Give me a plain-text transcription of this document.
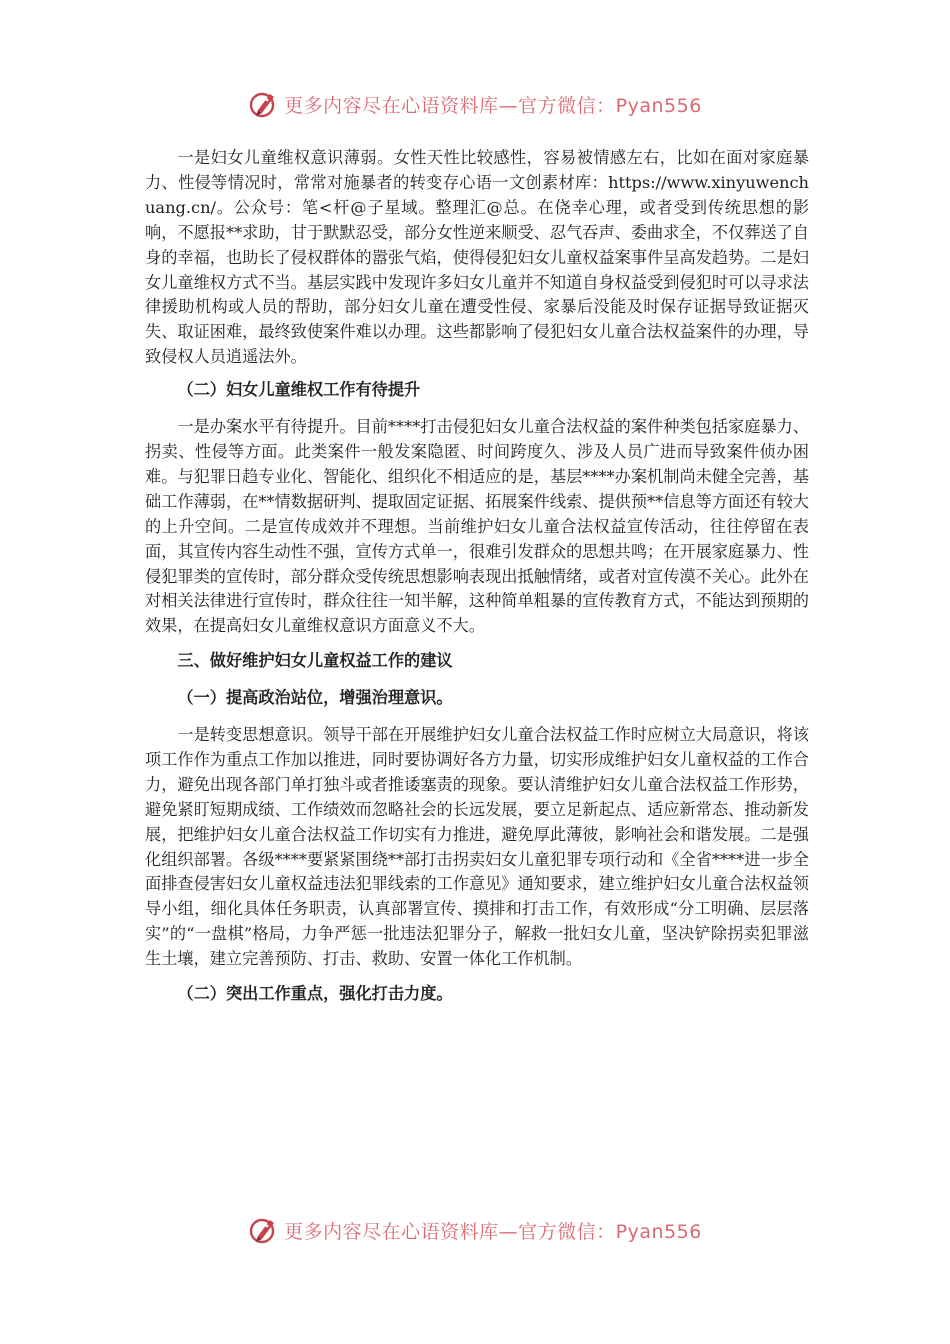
更多内容尽在心语资料库—官方微信：Pyan556

一是妇女儿童维权意识薄弱。女性天性比较感性，容易被情感左右，比如在面对家庭暴力、性侵等情况时，常常对施暴者的转变存心语一文创素材库：https://www.xinyuwenchuang.cn/。公众号：笔<杆@子星域。整理汇@总。在侥幸心理，或者受到传统思想的影响，不愿报**求助，甘于默默忍受，部分女性逆来顺受、忍气吞声、委曲求全，不仅葬送了自身的幸福，也助长了侵权群体的嚣张气焰，使得侵犯妇女儿童权益案事件呈高发趋势。二是妇女儿童维权方式不当。基层实践中发现许多妇女儿童并不知道自身权益受到侵犯时可以寻求法律援助机构或人员的帮助，部分妇女儿童在遭受性侵、家暴后没能及时保存证据导致证据灭失、取证困难，最终致使案件难以办理。这些都影响了侵犯妇女儿童合法权益案件的办理，导致侵权人员逍遥法外。

（二）妇女儿童维权工作有待提升

一是办案水平有待提升。目前****打击侵犯妇女儿童合法权益的案件种类包括家庭暴力、拐卖、性侵等方面。此类案件一般发案隐匿、时间跨度久、涉及人员广进而导致案件侦办困难。与犯罪日趋专业化、智能化、组织化不相适应的是，基层****办案机制尚未健全完善，基础工作薄弱，在**情数据研判、提取固定证据、拓展案件线索、提供预**信息等方面还有较大的上升空间。二是宣传成效并不理想。当前维护妇女儿童合法权益宣传活动，往往停留在表面，其宣传内容生动性不强，宣传方式单一，很难引发群众的思想共鸣；在开展家庭暴力、性侵犯罪类的宣传时，部分群众受传统思想影响表现出抵触情绪，或者对宣传漠不关心。此外在对相关法律进行宣传时，群众往往一知半解，这种简单粗暴的宣传教育方式，不能达到预期的效果，在提高妇女儿童维权意识方面意义不大。

三、做好维护妇女儿童权益工作的建议
（一）提高政治站位，增强治理意识。

一是转变思想意识。领导干部在开展维护妇女儿童合法权益工作时应树立大局意识，将该项工作作为重点工作加以推进，同时要协调好各方力量，切实形成维护妇女儿童权益的工作合力，避免出现各部门单打独斗或者推诿塞责的现象。要认清维护妇女儿童合法权益工作形势，避免紧盯短期成绩、工作绩效而忽略社会的长远发展，要立足新起点、适应新常态、推动新发展，把维护妇女儿童合法权益工作切实有力推进，避免厚此薄彼，影响社会和谐发展。二是强化组织部署。各级****要紧紧围绕**部打击拐卖妇女儿童犯罪专项行动和《全省****进一步全面排查侵害妇女儿童权益违法犯罪线索的工作意见》通知要求，建立维护妇女儿童合法权益领导小组，细化具体任务职责，认真部署宣传、摸排和打击工作，有效形成“分工明确、层层落实”的“一盘棋”格局，力争严惩一批违法犯罪分子，解救一批妇女儿童，坚决铲除拐卖犯罪滋生土壤，建立完善预防、打击、救助、安置一体化工作机制。

（二）突出工作重点，强化打击力度。
更多内容尽在心语资料库—官方微信：Pyan556
